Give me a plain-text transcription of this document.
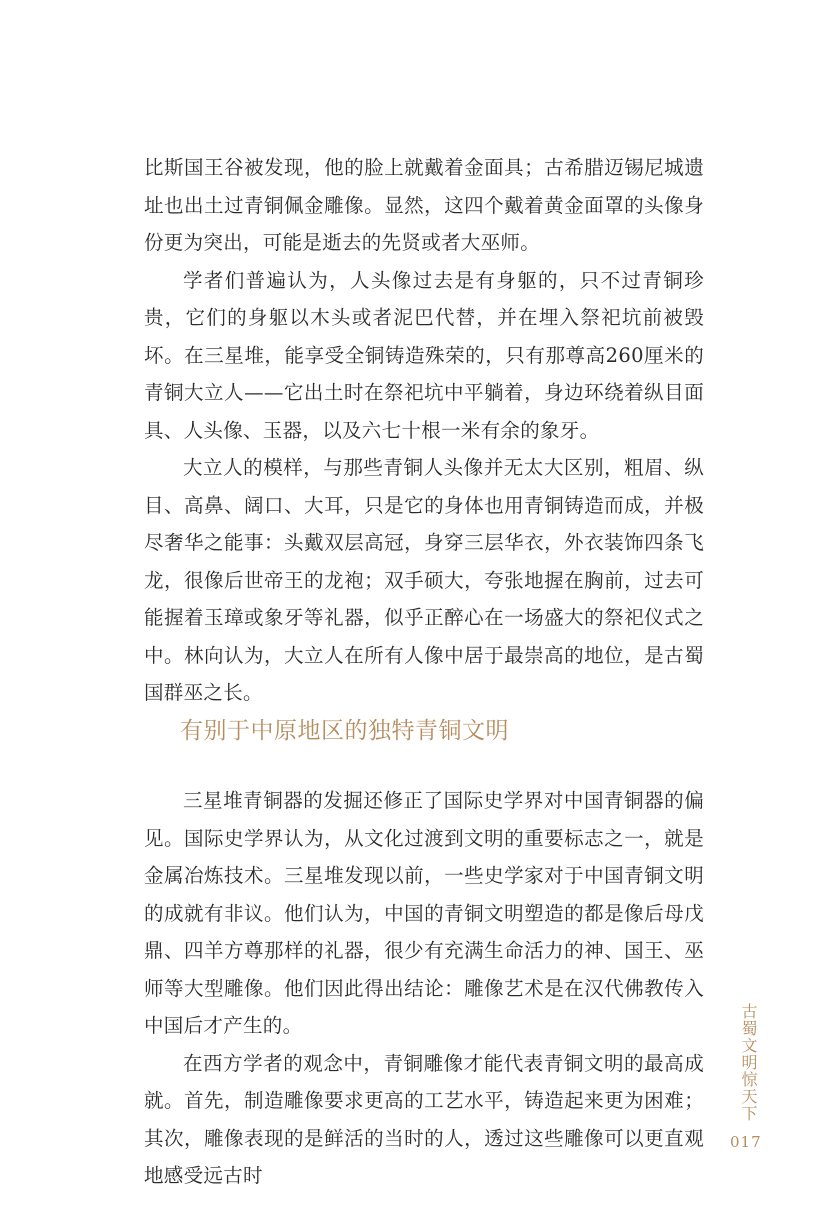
比斯国王谷被发现，他的脸上就戴着金面具；古希腊迈锡尼城遗址也出土过青铜佩金雕像。显然，这四个戴着黄金面罩的头像身份更为突出，可能是逝去的先贤或者大巫师。

学者们普遍认为，人头像过去是有身躯的，只不过青铜珍贵，它们的身躯以木头或者泥巴代替，并在埋入祭祀坑前被毁坏。在三星堆，能享受全铜铸造殊荣的，只有那尊高260厘米的青铜大立人——它出土时在祭祀坑中平躺着，身边环绕着纵目面具、人头像、玉器，以及六七十根一米有余的象牙。

大立人的模样，与那些青铜人头像并无太大区别，粗眉、纵目、高鼻、阔口、大耳，只是它的身体也用青铜铸造而成，并极尽奢华之能事：头戴双层高冠，身穿三层华衣，外衣装饰四条飞龙，很像后世帝王的龙袍；双手硕大，夸张地握在胸前，过去可能握着玉璋或象牙等礼器，似乎正醉心在一场盛大的祭祀仪式之中。林向认为，大立人在所有人像中居于最崇高的地位，是古蜀国群巫之长。

有别于中原地区的独特青铜文明

三星堆青铜器的发掘还修正了国际史学界对中国青铜器的偏见。国际史学界认为，从文化过渡到文明的重要标志之一，就是金属冶炼技术。三星堆发现以前，一些史学家对于中国青铜文明的成就有非议。他们认为，中国的青铜文明塑造的都是像后母戊鼎、四羊方尊那样的礼器，很少有充满生命活力的神、国王、巫师等大型雕像。他们因此得出结论：雕像艺术是在汉代佛教传入中国后才产生的。

在西方学者的观念中，青铜雕像才能代表青铜文明的最高成就。首先，制造雕像要求更高的工艺水平，铸造起来更为困难；其次，雕像表现的是鲜活的当时的人，透过这些雕像可以更直观地感受远古时

古蜀文明惊天下
017
